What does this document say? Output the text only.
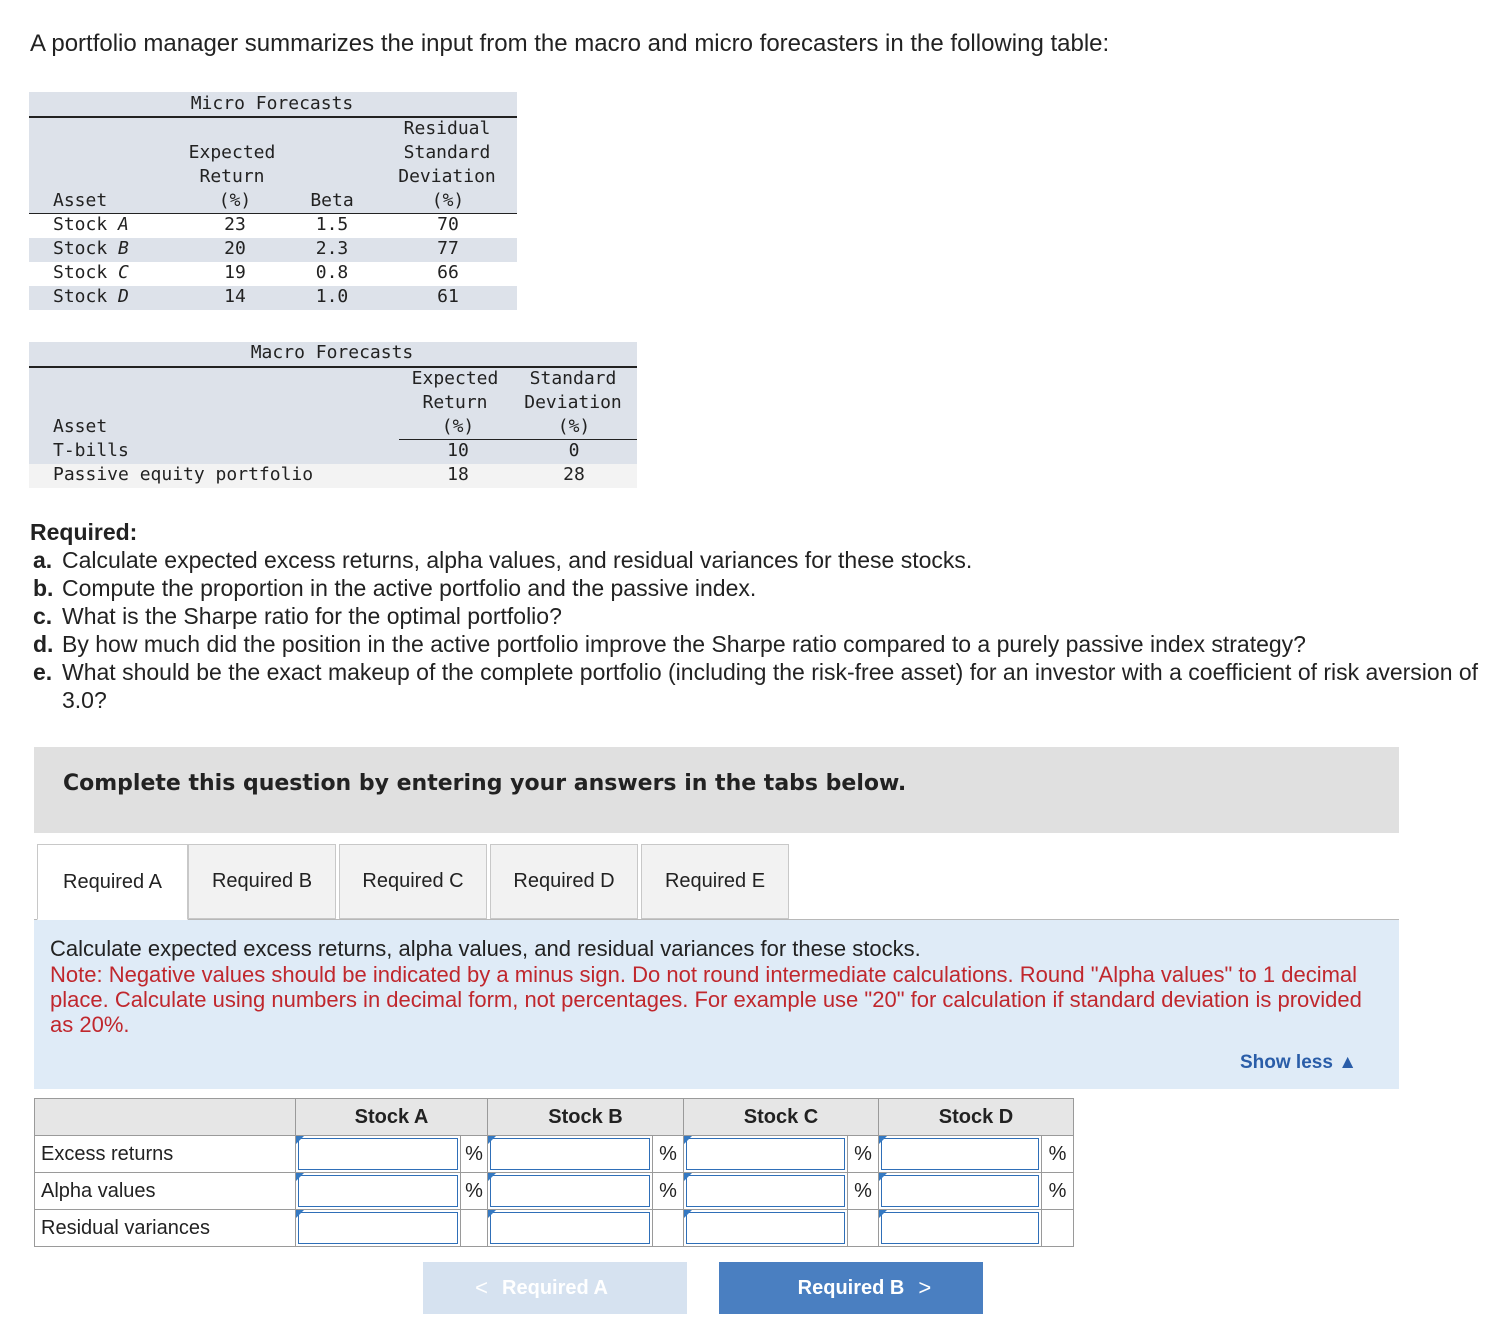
A portfolio manager summarizes the input from the macro and micro forecasters in the following table:
Micro Forecasts
Residual
Expected	Standard
Return	Deviation
Asset	(%)	Beta	(%)
Stock A	23	1.5	70
Stock B	20	2.3	77
Stock C	19	0.8	66
Stock D	14	1.0	61
Macro Forecasts
Expected Standard
Return Deviation
Asset	(%)	(%)
T-bills	10	0
Passive equity portfolio	18	28
Required:
a. Calculate expected excess returns, alpha values, and residual variances for these stocks.
b. Compute the proportion in the active portfolio and the passive index.
c. What is the Sharpe ratio for the optimal portfolio?
d. By how much did the position in the active portfolio improve the Sharpe ratio compared to a purely passive index strategy?
e. What should be the exact makeup of the complete portfolio (including the risk-free asset) for an investor with a coefficient of risk aversion of 3.0?
Complete this question by entering your answers in the tabs below.
Required A	Required B	Required C	Required D	Required E
Calculate expected excess returns, alpha values, and residual variances for these stocks.
Note: Negative values should be indicated by a minus sign. Do not round intermediate calculations. Round "Alpha values" to 1 decimal place. Calculate using numbers in decimal form, not percentages. For example use "20" for calculation if standard deviation is provided as 20%.
Show less ▲
	Stock A		Stock B		Stock C		Stock D	
Excess returns		%		%		%		%
Alpha values		%		%		%		%
Residual variances	

< Required A	Required B >
